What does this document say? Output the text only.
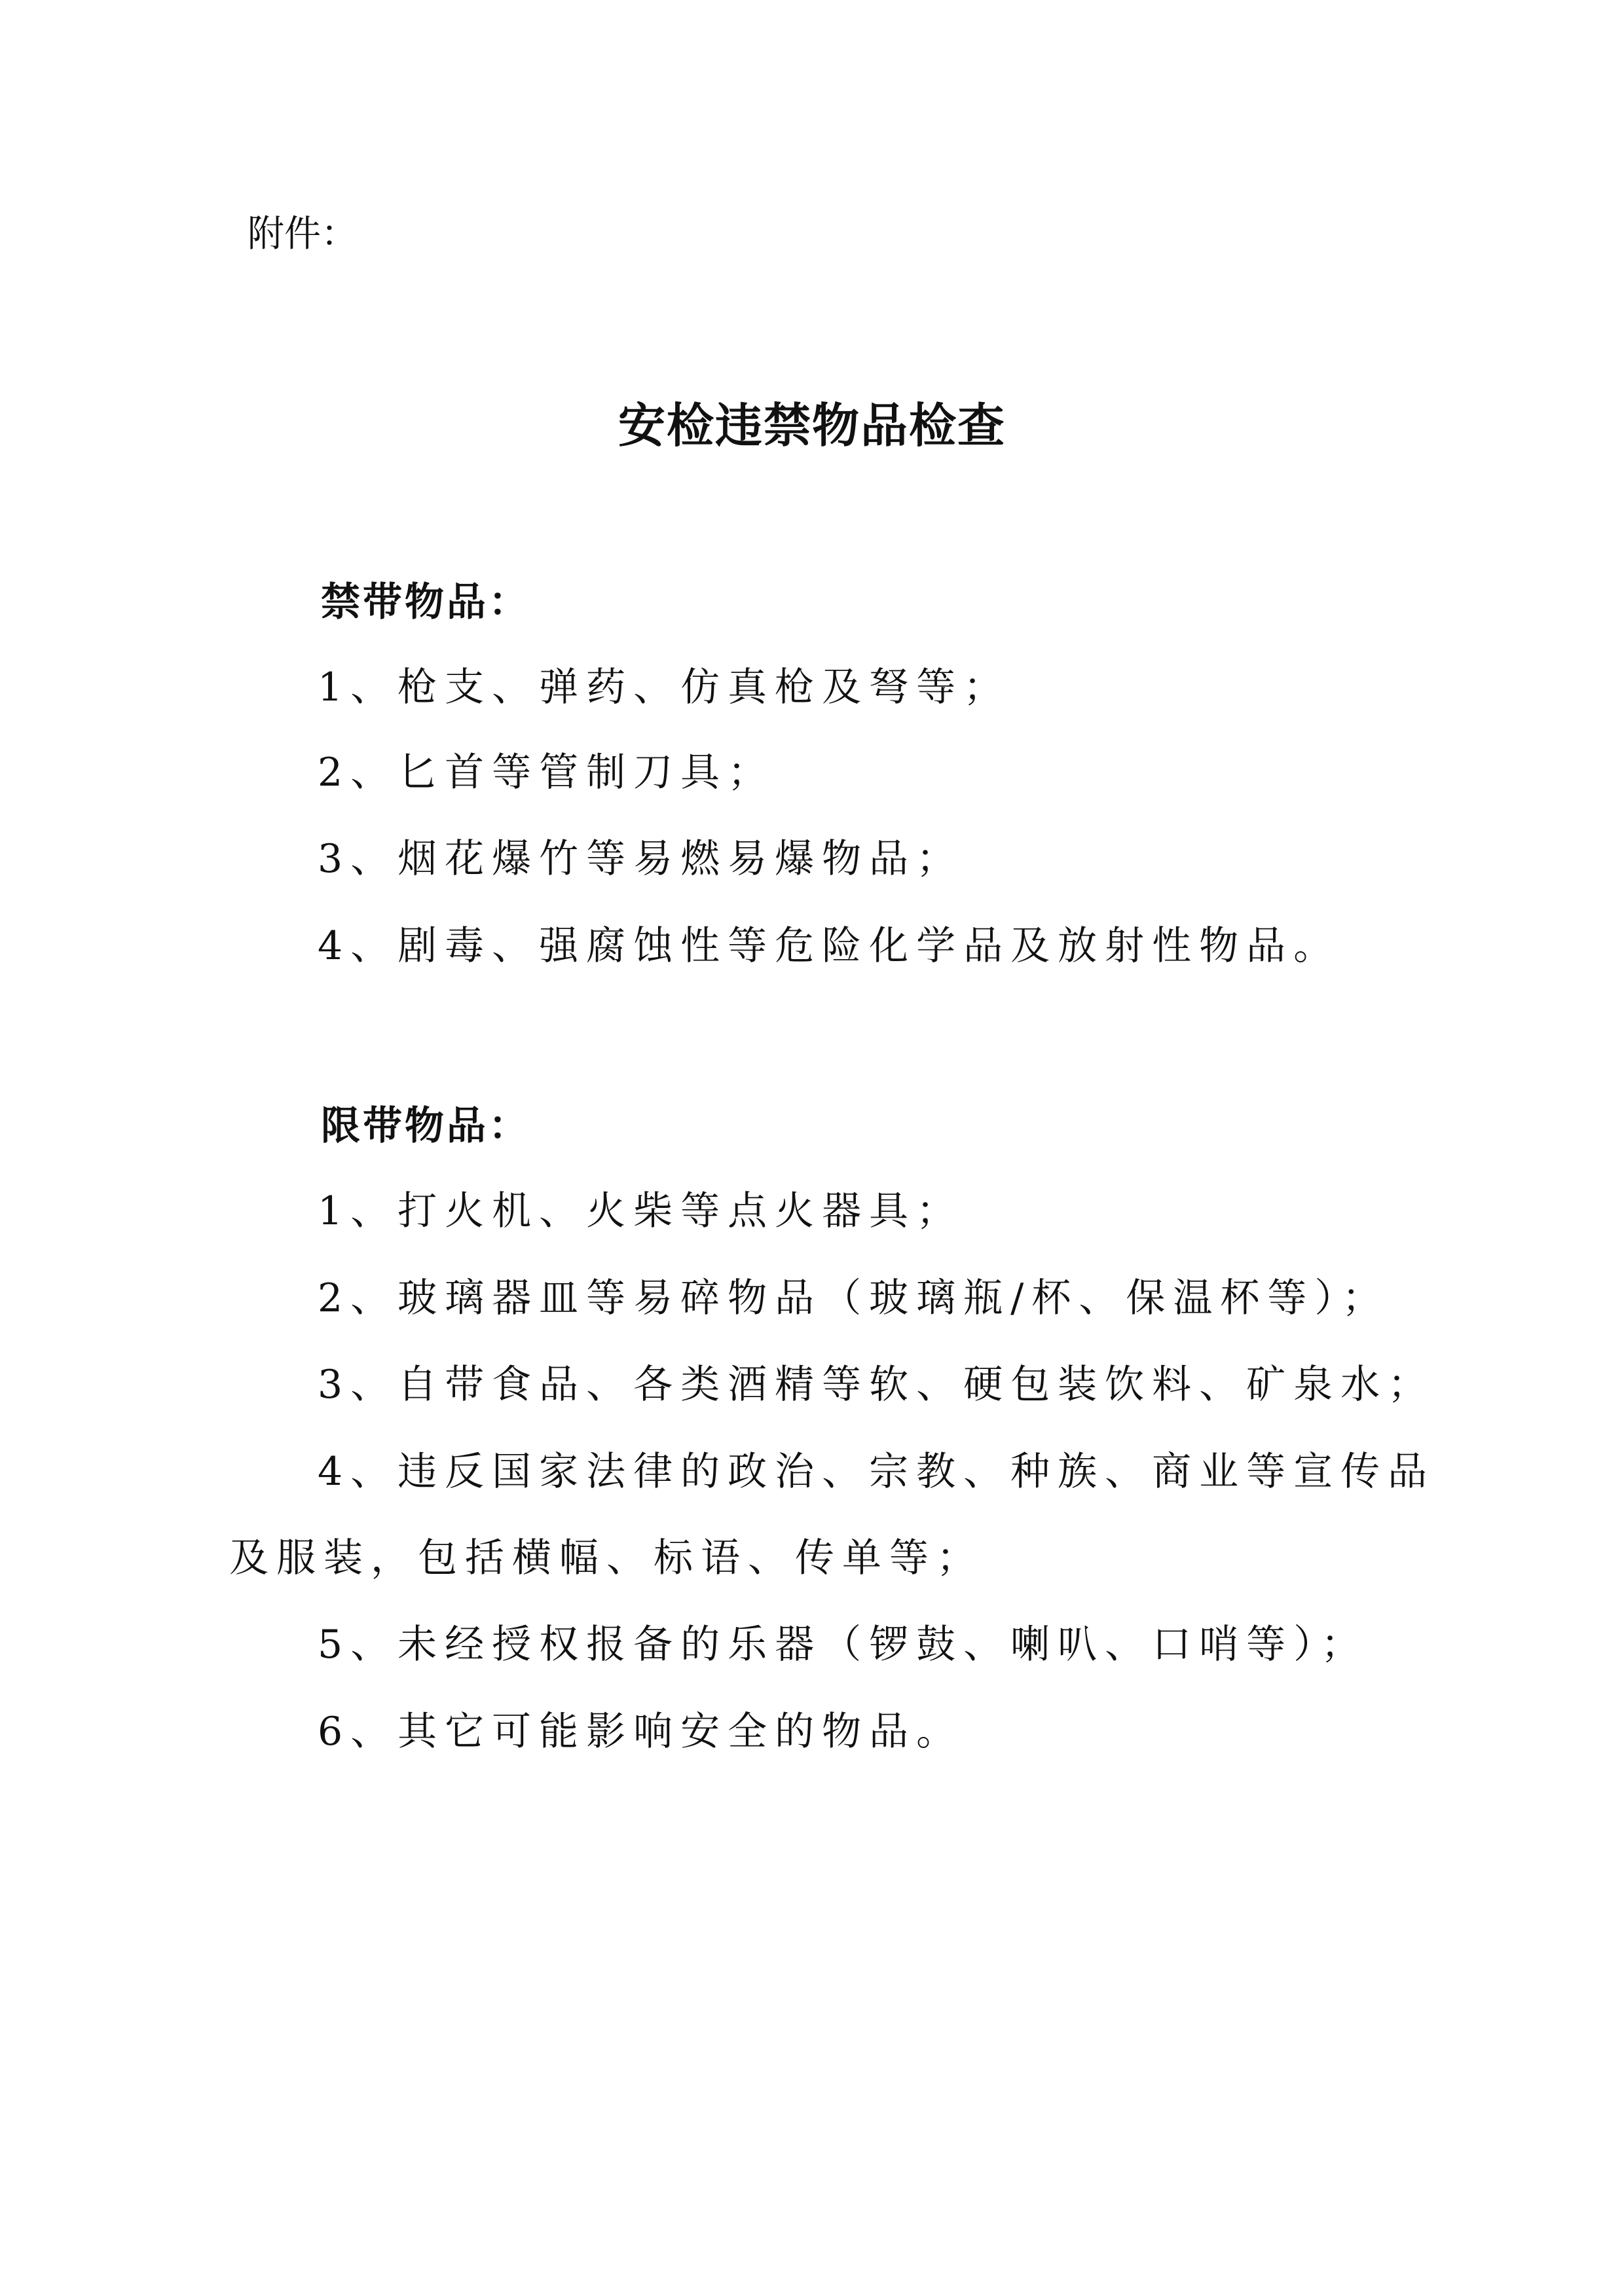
附件：
安检违禁物品检查
禁带物品：
1、枪支、弹药、仿真枪及弩等；
2、匕首等管制刀具；
3、烟花爆竹等易燃易爆物品；
4、剧毒、强腐蚀性等危险化学品及放射性物品。
限带物品：
1、打火机、火柴等点火器具；
2、玻璃器皿等易碎物品（玻璃瓶/杯、保温杯等）；
3、自带食品、各类酒精等软、硬包装饮料、矿泉水；
4、违反国家法律的政治、宗教、种族、商业等宣传品
及服装，包括横幅、标语、传单等；
5、未经授权报备的乐器（锣鼓、喇叭、口哨等）；
6、其它可能影响安全的物品。
